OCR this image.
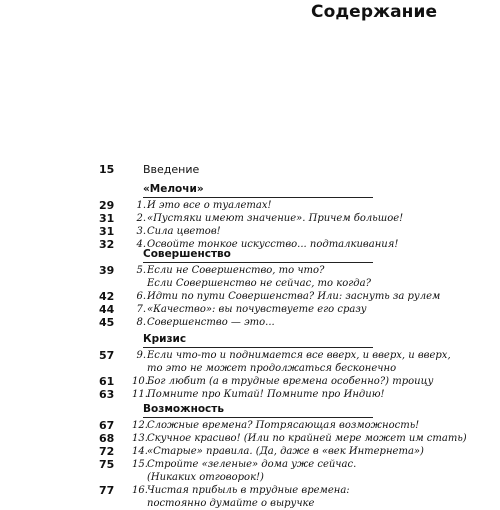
Содержание
15	Введение
«Мелочи»
29	1. И это все о туалетах!
31	2. «Пустяки имеют значение». Причем большое!
31	3. Сила цветов!
32	4. Освойте тонкое искусство... подталкивания!
Совершенство
39	5. Если не Совершенство, то что?
Если Совершенство не сейчас, то когда?
42	6. Идти по пути Совершенства? Или: заснуть за рулем
44	7. «Качество»: вы почувствуете его сразу
45	8. Совершенство — это...
Кризис
57	9. Если что-то и поднимается все вверх, и вверх, и вверх,
то это не может продолжаться бесконечно
61	10. Бог любит (а в трудные времена особенно?) троицу
63	11. Помните про Китай! Помните про Индию!
Возможность
67	12. Сложные времена? Потрясающая возможность!
68	13. Скучное красиво! (Или по крайней мере может им стать)
72	14. «Старые» правила. (Да, даже в «век Интернета»)
75	15. Стройте «зеленые» дома уже сейчас.
(Никаких отговорок!)
77	16. Чистая прибыль в трудные времена:
постоянно думайте о выручке
